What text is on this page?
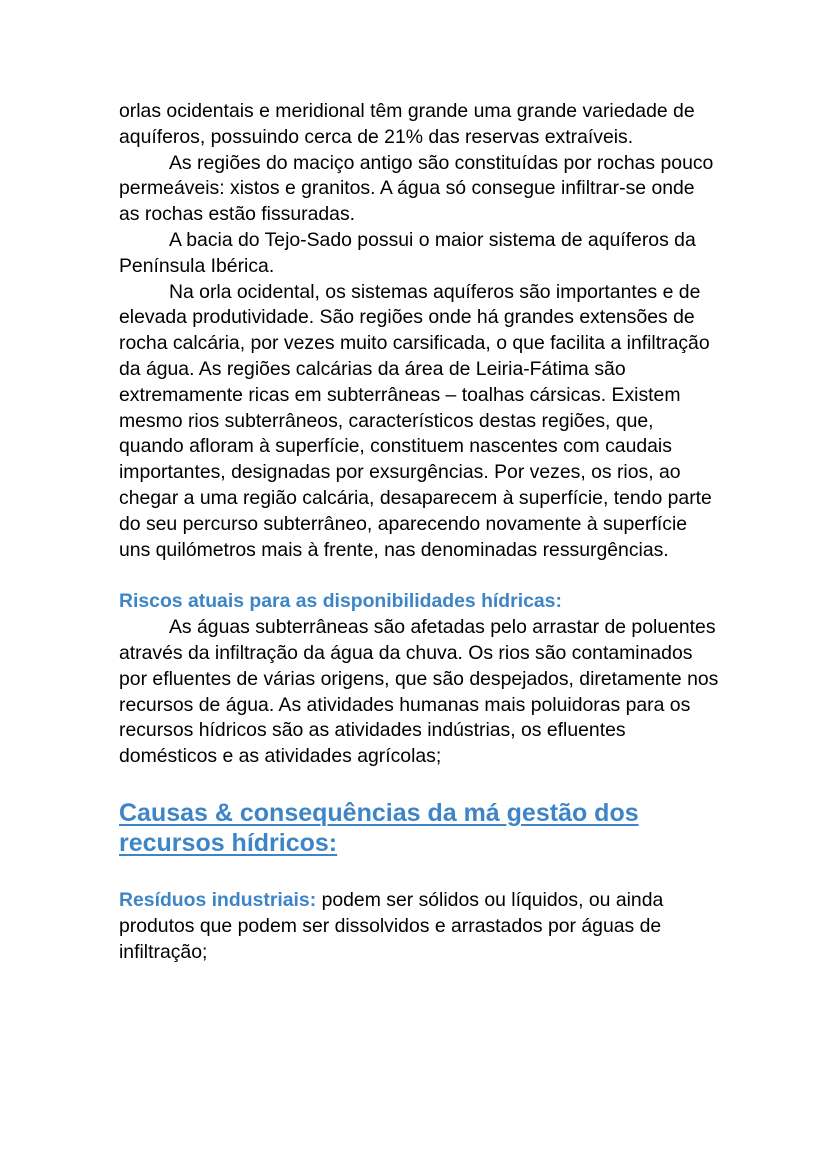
orlas ocidentais e meridional têm grande uma grande variedade de aquíferos, possuindo cerca de 21% das reservas extraíveis.

As regiões do maciço antigo são constituídas por rochas pouco permeáveis: xistos e granitos. A água só consegue infiltrar-se onde as rochas estão fissuradas.

A bacia do Tejo-Sado possui o maior sistema de aquíferos da Península Ibérica.

Na orla ocidental, os sistemas aquíferos são importantes e de elevada produtividade. São regiões onde há grandes extensões de rocha calcária, por vezes muito carsificada, o que facilita a infiltração da água. As regiões calcárias da área de Leiria-Fátima são extremamente ricas em subterrâneas – toalhas cársicas. Existem mesmo rios subterrâneos, característicos destas regiões, que, quando afloram à superfície, constituem nascentes com caudais importantes, designadas por exsurgências. Por vezes, os rios, ao chegar a uma região calcária, desaparecem à superfície, tendo parte do seu percurso subterrâneo, aparecendo novamente à superfície uns quilómetros mais à frente, nas denominadas ressurgências.

Riscos atuais para as disponibilidades hídricas:

As águas subterrâneas são afetadas pelo arrastar de poluentes através da infiltração da água da chuva. Os rios são contaminados por efluentes de várias origens, que são despejados, diretamente nos recursos de água. As atividades humanas mais poluidoras para os recursos hídricos são as atividades indústrias, os efluentes domésticos e as atividades agrícolas;

Causas & consequências da má gestão dos recursos hídricos:

Resíduos industriais: podem ser sólidos ou líquidos, ou ainda produtos que podem ser dissolvidos e arrastados por águas de infiltração;
